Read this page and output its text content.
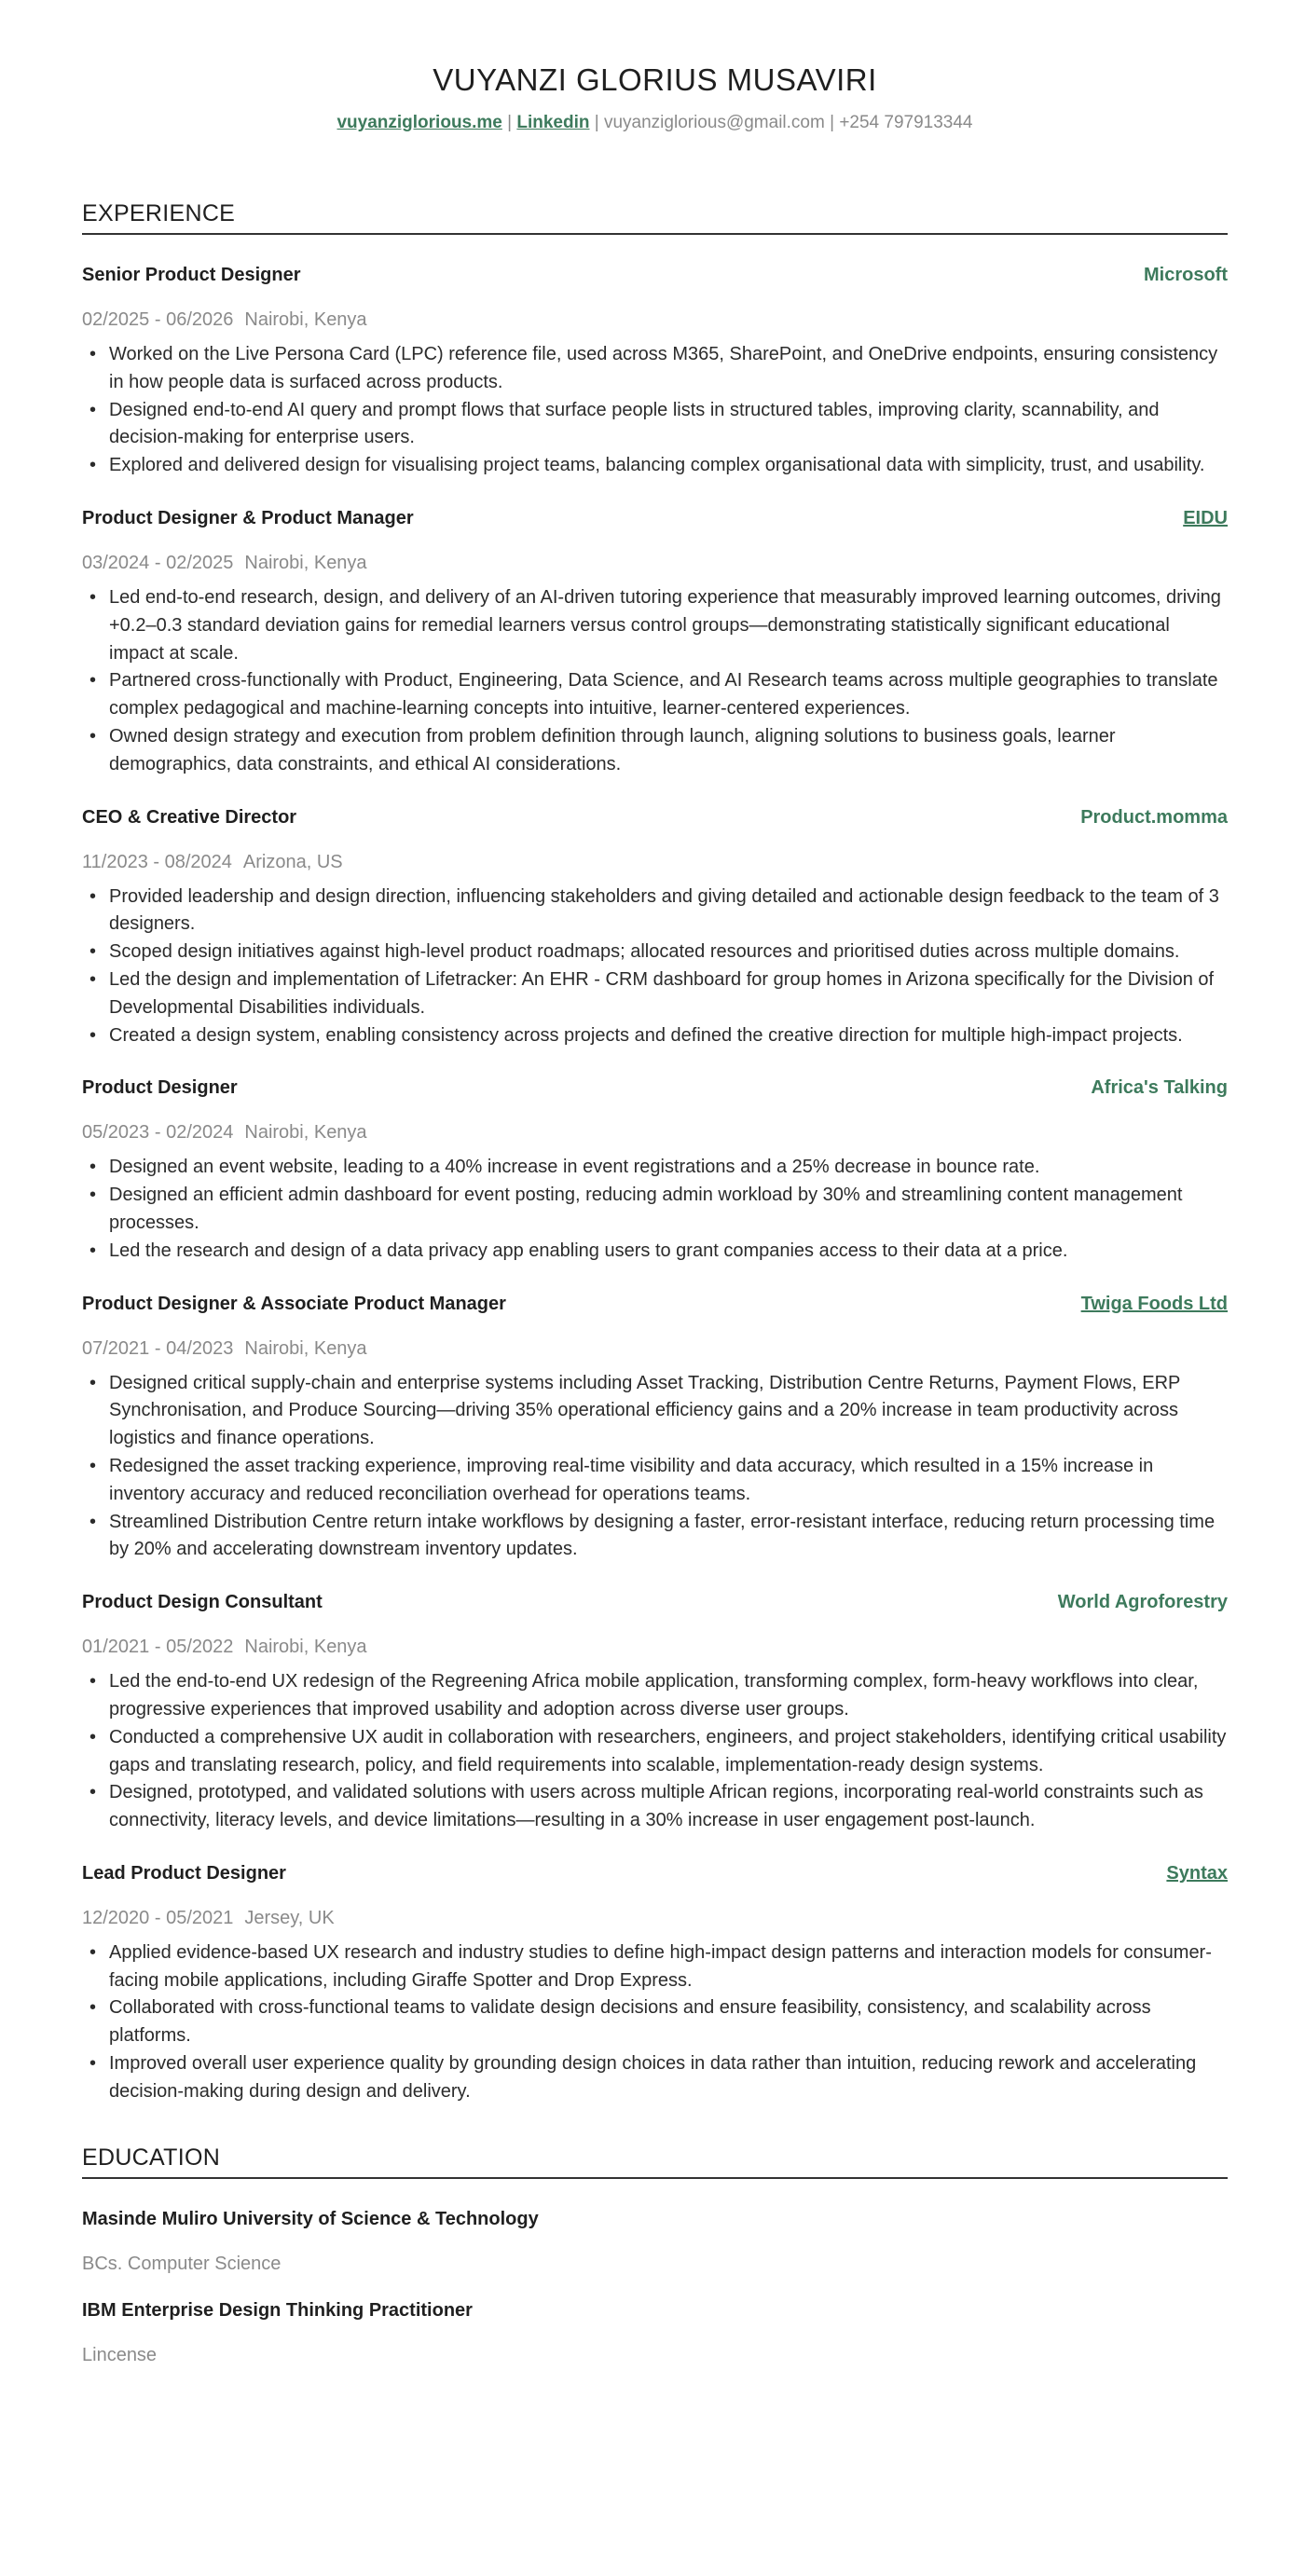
VUYANZI GLORIUS MUSAVIRI
vuyanziglorious.me | Linkedin | vuyanziglorious@gmail.com | +254 797913344
EXPERIENCE
Senior Product Designer	Microsoft
02/2025 - 06/2026 Nairobi, Kenya
• Worked on the Live Persona Card (LPC) reference file, used across M365, SharePoint, and OneDrive endpoints, ensuring consistency in how people data is surfaced across products.
• Designed end-to-end AI query and prompt flows that surface people lists in structured tables, improving clarity, scannability, and decision-making for enterprise users.
• Explored and delivered design for visualising project teams, balancing complex organisational data with simplicity, trust, and usability.
Product Designer & Product Manager	EIDU
03/2024 - 02/2025 Nairobi, Kenya
• Led end-to-end research, design, and delivery of an AI-driven tutoring experience that measurably improved learning outcomes, driving +0.2–0.3 standard deviation gains for remedial learners versus control groups—demonstrating statistically significant educational impact at scale.
• Partnered cross-functionally with Product, Engineering, Data Science, and AI Research teams across multiple geographies to translate complex pedagogical and machine-learning concepts into intuitive, learner-centered experiences.
• Owned design strategy and execution from problem definition through launch, aligning solutions to business goals, learner demographics, data constraints, and ethical AI considerations.
CEO & Creative Director	Product.momma
11/2023 - 08/2024 Arizona, US
• Provided leadership and design direction, influencing stakeholders and giving detailed and actionable design feedback to the team of 3 designers.
• Scoped design initiatives against high-level product roadmaps; allocated resources and prioritised duties across multiple domains.
• Led the design and implementation of Lifetracker: An EHR - CRM dashboard for group homes in Arizona specifically for the Division of Developmental Disabilities individuals.
• Created a design system, enabling consistency across projects and defined the creative direction for multiple high-impact projects.
Product Designer	Africa's Talking
05/2023 - 02/2024 Nairobi, Kenya
• Designed an event website, leading to a 40% increase in event registrations and a 25% decrease in bounce rate.
• Designed an efficient admin dashboard for event posting, reducing admin workload by 30% and streamlining content management processes.
• Led the research and design of a data privacy app enabling users to grant companies access to their data at a price.
Product Designer & Associate Product Manager	Twiga Foods Ltd
07/2021 - 04/2023 Nairobi, Kenya
• Designed critical supply-chain and enterprise systems including Asset Tracking, Distribution Centre Returns, Payment Flows, ERP Synchronisation, and Produce Sourcing—driving 35% operational efficiency gains and a 20% increase in team productivity across logistics and finance operations.
• Redesigned the asset tracking experience, improving real-time visibility and data accuracy, which resulted in a 15% increase in inventory accuracy and reduced reconciliation overhead for operations teams.
• Streamlined Distribution Centre return intake workflows by designing a faster, error-resistant interface, reducing return processing time by 20% and accelerating downstream inventory updates.
Product Design Consultant	World Agroforestry
01/2021 - 05/2022 Nairobi, Kenya
• Led the end-to-end UX redesign of the Regreening Africa mobile application, transforming complex, form-heavy workflows into clear, progressive experiences that improved usability and adoption across diverse user groups.
• Conducted a comprehensive UX audit in collaboration with researchers, engineers, and project stakeholders, identifying critical usability gaps and translating research, policy, and field requirements into scalable, implementation-ready design systems.
• Designed, prototyped, and validated solutions with users across multiple African regions, incorporating real-world constraints such as connectivity, literacy levels, and device limitations—resulting in a 30% increase in user engagement post-launch.
Lead Product Designer	Syntax
12/2020 - 05/2021 Jersey, UK
• Applied evidence-based UX research and industry studies to define high-impact design patterns and interaction models for consumer-facing mobile applications, including Giraffe Spotter and Drop Express.
• Collaborated with cross-functional teams to validate design decisions and ensure feasibility, consistency, and scalability across platforms.
• Improved overall user experience quality by grounding design choices in data rather than intuition, reducing rework and accelerating decision-making during design and delivery.
EDUCATION
Masinde Muliro University of Science & Technology
BCs. Computer Science
IBM Enterprise Design Thinking Practitioner
Lincense
